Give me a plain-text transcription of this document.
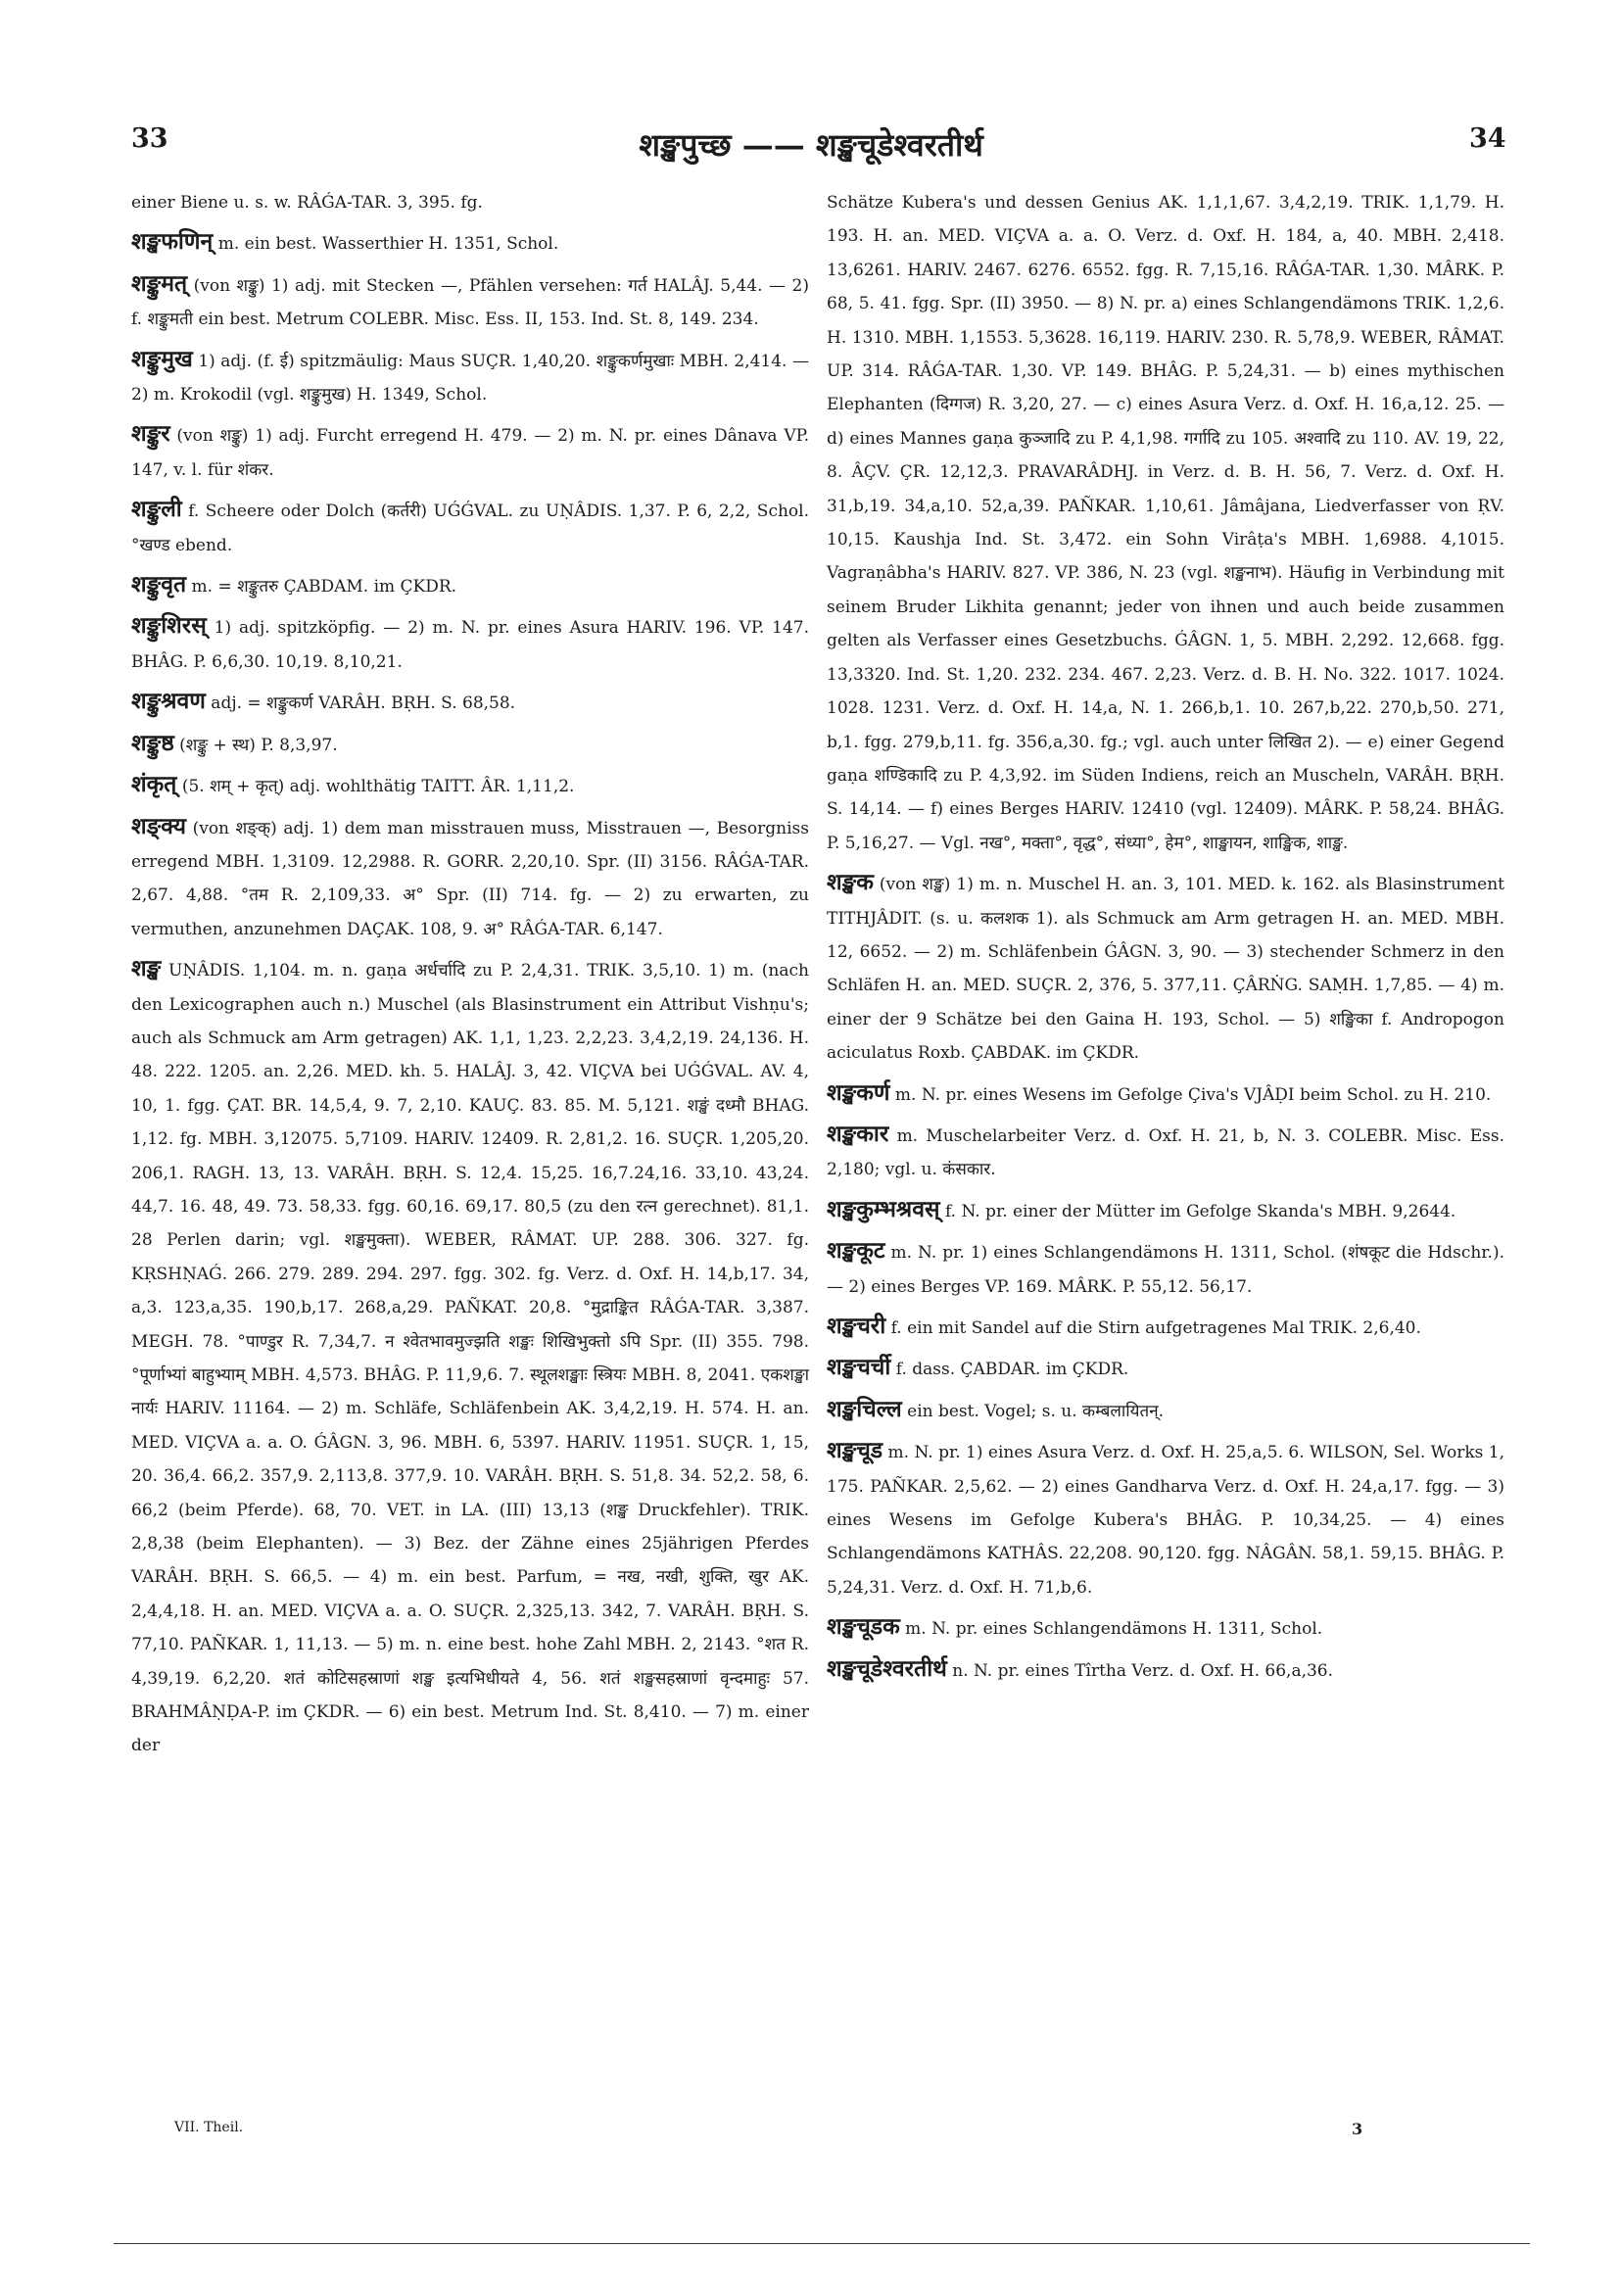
33	शङ्खपुच्छ —— शङ्खचूडेश्वरतीर्थ	34

einer Biene u. s. w. RÂǴA-TAR. 3, 395. fg.

शङ्खफणिन् m. ein best. Wasserthier H. 1351, Schol.

शङ्कुमत् (von शङ्कु) 1) adj. mit Stecken —, Pfählen versehen: गर्त HALÂJ. 5,44. — 2) f. शङ्कुमती ein best. Metrum COLEBR. Misc. Ess. II, 153. Ind. St. 8, 149. 234.

शङ्कुमुख 1) adj. (f. ई) spitzmäulig: Maus SUÇR. 1,40,20. शङ्कुकर्णमुखाः MBH. 2,414. — 2) m. Krokodil (vgl. शङ्कुमुख) H. 1349, Schol.

शङ्कुर (von शङ्कु) 1) adj. Furcht erregend H. 479. — 2) m. N. pr. eines Dânava VP. 147, v. l. für शंकर.

शङ्कुली f. Scheere oder Dolch (कर्तरी) UǴǴVAL. zu UṆÂDIS. 1,37. P. 6, 2,2, Schol. °खण्ड ebend.

शङ्कुवृत m. = शङ्कुतरु ÇABDAM. im ÇKDR.

शङ्कुशिरस् 1) adj. spitzköpfig. — 2) m. N. pr. eines Asura HARIV. 196. VP. 147. BHÂG. P. 6,6,30. 10,19. 8,10,21.

शङ्कुश्रवण adj. = शङ्कुकर्ण VARÂH. BṚH. S. 68,58.

शङ्कुष्ठ (शङ्कु + स्थ) P. 8,3,97.

शंकृत् (5. शम् + कृत्) adj. wohlthätig TAITT. ÂR. 1,11,2.

शङ्क्य (von शङ्क्) adj. 1) dem man misstrauen muss, Misstrauen —, Besorgniss erregend MBH. 1,3109. 12,2988. R. GORR. 2,20,10. Spr. (II) 3156. RÂǴA-TAR. 2,67. 4,88. °तम R. 2,109,33. अ° Spr. (II) 714. fg. — 2) zu erwarten, zu vermuthen, anzunehmen DAÇAK. 108, 9. अ° RÂǴA-TAR. 6,147.

शङ्ख UṆÂDIS. 1,104. m. n. gaṇa अर्धर्चादि zu P. 2,4,31. TRIK. 3,5,10. 1) m. (nach den Lexicographen auch n.) Muschel (als Blasinstrument ein Attribut Vishṇu's; auch als Schmuck am Arm getragen) AK. 1,1, 1,23. 2,2,23. 3,4,2,19. 24,136. H. 48. 222. 1205. an. 2,26. MED. kh. 5. HALÂJ. 3, 42. VIÇVA bei UǴǴVAL. AV. 4, 10, 1. fgg. ÇAT. BR. 14,5,4, 9. 7, 2,10. KAUÇ. 83. 85. M. 5,121. शङ्खं दध्मौ BHAG. 1,12. fg. MBH. 3,12075. 5,7109. HARIV. 12409. R. 2,81,2. 16. SUÇR. 1,205,20. 206,1. RAGH. 13, 13. VARÂH. BṚH. S. 12,4. 15,25. 16,7.24,16. 33,10. 43,24. 44,7. 16. 48, 49. 73. 58,33. fgg. 60,16. 69,17. 80,5 (zu den रत्न gerechnet). 81,1. 28 Perlen darin; vgl. शङ्खमुक्ता). WEBER, RÂMAT. UP. 288. 306. 327. fg. KṚSHṆAǴ. 266. 279. 289. 294. 297. fgg. 302. fg. Verz. d. Oxf. H. 14,b,17. 34, a,3. 123,a,35. 190,b,17. 268,a,29. PAÑKAT. 20,8. °मुद्राङ्कित RÂǴA-TAR. 3,387. MEGH. 78. °पाण्डुर R. 7,34,7. न श्वेतभावमुज्झति शङ्खः शिखिभुक्तो ऽपि Spr. (II) 355. 798. °पूर्णाभ्यां बाहुभ्याम् MBH. 4,573. BHÂG. P. 11,9,6. 7. स्थूलशङ्खाः स्त्रियः MBH. 8, 2041. एकशङ्खा नार्यः HARIV. 11164. — 2) m. Schläfe, Schläfenbein AK. 3,4,2,19. H. 574. H. an. MED. VIÇVA a. a. O. ǴÂGN. 3, 96. MBH. 6, 5397. HARIV. 11951. SUÇR. 1, 15, 20. 36,4. 66,2. 357,9. 2,113,8. 377,9. 10. VARÂH. BṚH. S. 51,8. 34. 52,2. 58, 6. 66,2 (beim Pferde). 68, 70. VET. in LA. (III) 13,13 (शङ्ख Druckfehler). TRIK. 2,8,38 (beim Elephanten). — 3) Bez. der Zähne eines 25jährigen Pferdes VARÂH. BṚH. S. 66,5. — 4) m. ein best. Parfum, = नख, नखी, शुक्ति, खुर AK. 2,4,4,18. H. an. MED. VIÇVA a. a. O. SUÇR. 2,325,13. 342, 7. VARÂH. BṚH. S. 77,10. PAÑKAR. 1, 11,13. — 5) m. n. eine best. hohe Zahl MBH. 2, 2143. °शत R. 4,39,19. 6,2,20. शतं कोटिसहस्राणां शङ्ख इत्यभिधीयते 4, 56. शतं शङ्खसहस्राणां वृन्दमाहुः 57. BRAHMÂṆḌA-P. im ÇKDR. — 6) ein best. Metrum Ind. St. 8,410. — 7) m. einer der

Schätze Kubera's und dessen Genius AK. 1,1,1,67. 3,4,2,19. TRIK. 1,1,79. H. 193. H. an. MED. VIÇVA a. a. O. Verz. d. Oxf. H. 184, a, 40. MBH. 2,418. 13,6261. HARIV. 2467. 6276. 6552. fgg. R. 7,15,16. RÂǴA-TAR. 1,30. MÂRK. P. 68, 5. 41. fgg. Spr. (II) 3950. — 8) N. pr. a) eines Schlangendämons TRIK. 1,2,6. H. 1310. MBH. 1,1553. 5,3628. 16,119. HARIV. 230. R. 5,78,9. WEBER, RÂMAT. UP. 314. RÂǴA-TAR. 1,30. VP. 149. BHÂG. P. 5,24,31. — b) eines mythischen Elephanten (दिग्गज) R. 3,20, 27. — c) eines Asura Verz. d. Oxf. H. 16,a,12. 25. — d) eines Mannes gaṇa कुञ्जादि zu P. 4,1,98. गर्गादि zu 105. अश्वादि zu 110. AV. 19, 22, 8. ÂÇV. ÇR. 12,12,3. PRAVARÂDHJ. in Verz. d. B. H. 56, 7. Verz. d. Oxf. H. 31,b,19. 34,a,10. 52,a,39. PAÑKAR. 1,10,61. Jâmâjana, Liedverfasser von ṚV. 10,15. Kaushja Ind. St. 3,472. ein Sohn Virâṭa's MBH. 1,6988. 4,1015. Vagraṇâbha's HARIV. 827. VP. 386, N. 23 (vgl. शङ्खनाभ). Häufig in Verbindung mit seinem Bruder Likhita genannt; jeder von ihnen und auch beide zusammen gelten als Verfasser eines Gesetzbuchs. ǴÂGN. 1, 5. MBH. 2,292. 12,668. fgg. 13,3320. Ind. St. 1,20. 232. 234. 467. 2,23. Verz. d. B. H. No. 322. 1017. 1024. 1028. 1231. Verz. d. Oxf. H. 14,a, N. 1. 266,b,1. 10. 267,b,22. 270,b,50. 271, b,1. fgg. 279,b,11. fg. 356,a,30. fg.; vgl. auch unter लिखित 2). — e) einer Gegend gaṇa शण्डिकादि zu P. 4,3,92. im Süden Indiens, reich an Muscheln, VARÂH. BṚH. S. 14,14. — f) eines Berges HARIV. 12410 (vgl. 12409). MÂRK. P. 58,24. BHÂG. P. 5,16,27. — Vgl. नख°, मक्ता°, वृद्ध°, संध्या°, हेम°, शाङ्खायन, शाङ्खिक, शाङ्ख.

शङ्खक (von शङ्ख) 1) m. n. Muschel H. an. 3, 101. MED. k. 162. als Blasinstrument TITHJÂDIT. (s. u. कलशक 1). als Schmuck am Arm getragen H. an. MED. MBH. 12, 6652. — 2) m. Schläfenbein ǴÂGN. 3, 90. — 3) stechender Schmerz in den Schläfen H. an. MED. SUÇR. 2, 376, 5. 377,11. ÇÂRṄG. SAṂH. 1,7,85. — 4) m. einer der 9 Schätze bei den Gaina H. 193, Schol. — 5) शङ्खिका f. Andropogon aciculatus Roxb. ÇABDAK. im ÇKDR.

शङ्खकर्ण m. N. pr. eines Wesens im Gefolge Çiva's VJÂḌI beim Schol. zu H. 210.

शङ्खकार m. Muschelarbeiter Verz. d. Oxf. H. 21, b, N. 3. COLEBR. Misc. Ess. 2,180; vgl. u. कंसकार.

शङ्खकुम्भश्रवस् f. N. pr. einer der Mütter im Gefolge Skanda's MBH. 9,2644.

शङ्खकूट m. N. pr. 1) eines Schlangendämons H. 1311, Schol. (शंषकूट die Hdschr.). — 2) eines Berges VP. 169. MÂRK. P. 55,12. 56,17.

शङ्खचरी f. ein mit Sandel auf die Stirn aufgetragenes Mal TRIK. 2,6,40.

शङ्खचर्ची f. dass. ÇABDAR. im ÇKDR.

शङ्खचिल्ल ein best. Vogel; s. u. कम्बलायितन्.

शङ्खचूड m. N. pr. 1) eines Asura Verz. d. Oxf. H. 25,a,5. 6. WILSON, Sel. Works 1, 175. PAÑKAR. 2,5,62. — 2) eines Gandharva Verz. d. Oxf. H. 24,a,17. fgg. — 3) eines Wesens im Gefolge Kubera's BHÂG. P. 10,34,25. — 4) eines Schlangendämons KATHÂS. 22,208. 90,120. fgg. NÂGÂN. 58,1. 59,15. BHÂG. P. 5,24,31. Verz. d. Oxf. H. 71,b,6.

शङ्खचूडक m. N. pr. eines Schlangendämons H. 1311, Schol.

शङ्खचूडेश्वरतीर्थ n. N. pr. eines Tîrtha Verz. d. Oxf. H. 66,a,36.

VII. Theil.	3
